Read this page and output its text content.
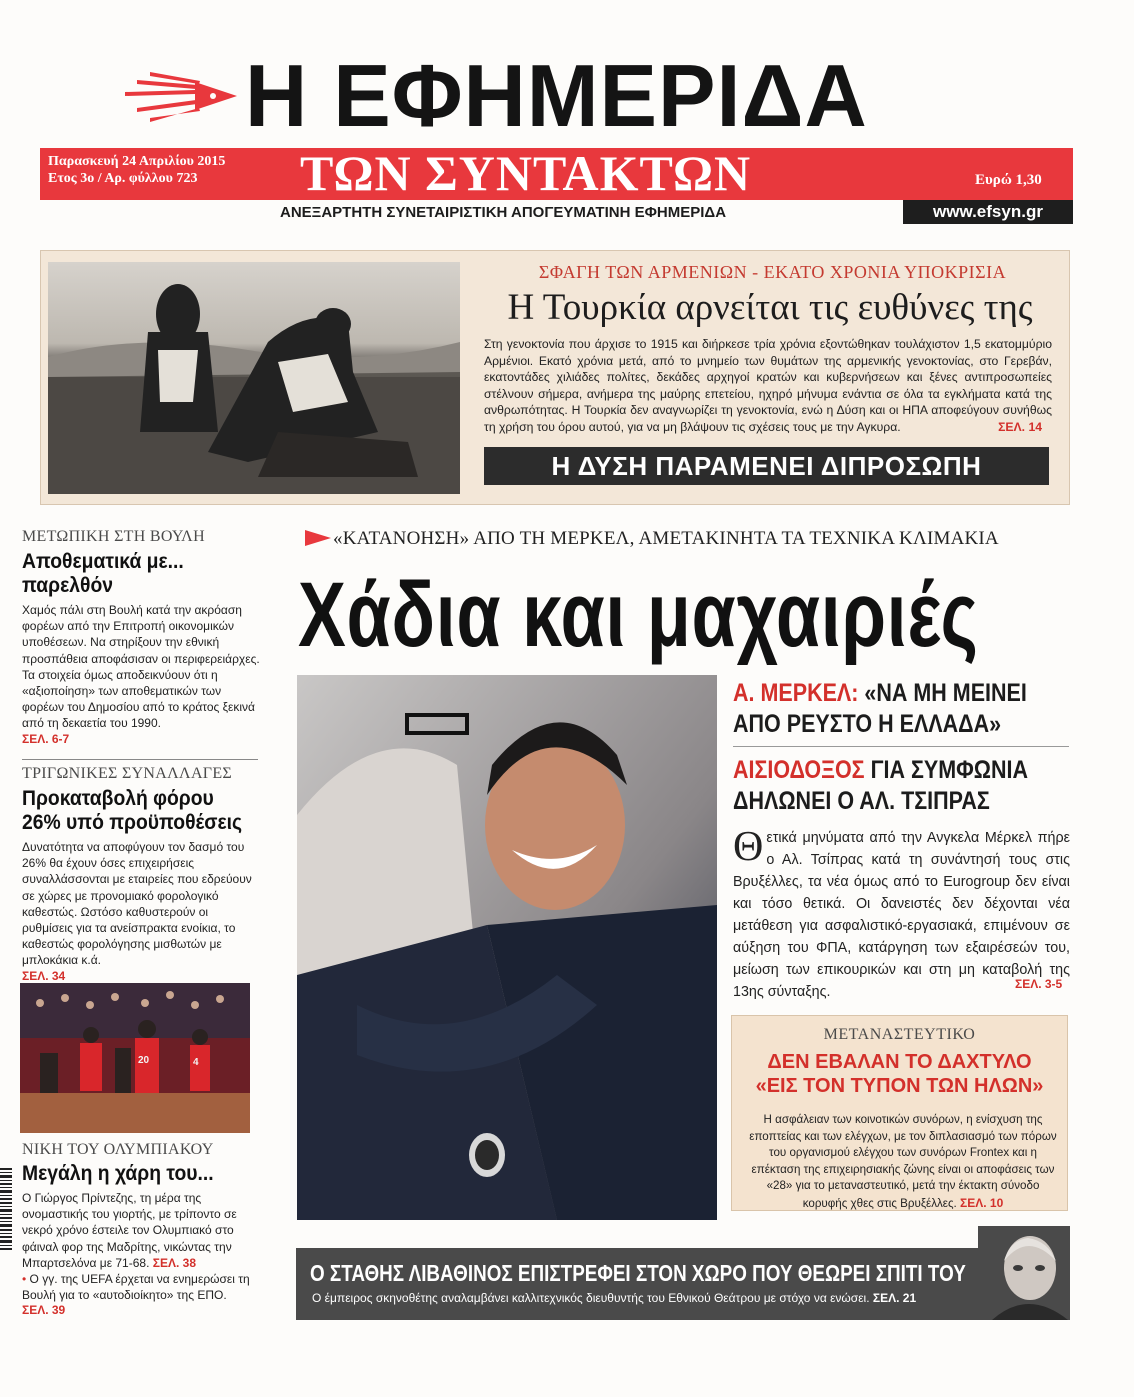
Η ΕΦΗΜΕΡΙΔΑ
Παρασκευή 24 Απριλίου 2015
Ετος 3ο / Αρ. φύλλου 723	ΤΩΝ ΣΥΝΤΑΚΤΩΝ	Ευρώ 1,30
ΑΝΕΞΑΡΤΗΤΗ ΣΥΝΕΤΑΙΡΙΣΤΙΚΗ ΑΠΟΓΕΥΜΑΤΙΝΗ ΕΦΗΜΕΡΙΔΑ	www.efsyn.gr
ΣΦΑΓΗ ΤΩΝ ΑΡΜΕΝΙΩΝ - ΕΚΑΤΟ ΧΡΟΝΙΑ ΥΠΟΚΡΙΣΙΑ
Η Τουρκία αρνείται τις ευθύνες της
Στη γενοκτονία που άρχισε το 1915 και διήρκεσε τρία χρόνια εξοντώθηκαν τουλάχιστον 1,5 εκατομμύριο Αρμένιοι. Εκατό χρόνια μετά, από το μνημείο των θυμάτων της αρμενικής γενοκτονίας, στο Γερεβάν, εκατοντάδες χιλιάδες πολίτες, δεκάδες αρχηγοί κρατών και κυβερνήσεων και ξένες αντιπροσωπείες στέλνουν σήμερα, ανήμερα της μαύρης επετείου, ηχηρό μήνυμα ενάντια σε όλα τα εγκλήματα κατά της ανθρωπότητας. Η Τουρκία δεν αναγνωρίζει τη γενοκτονία, ενώ η Δύση και οι ΗΠΑ αποφεύγουν συνήθως τη χρήση του όρου αυτού, για να μη βλάψουν τις σχέσεις τους με την Αγκυρα.	ΣΕΛ. 14
Η ΔΥΣΗ ΠΑΡΑΜΕΝΕΙ ΔΙΠΡΟΣΩΠΗ
ΜΕΤΩΠΙΚΗ ΣΤΗ ΒΟΥΛΗ
Αποθεματικά με...
παρελθόν
Χαμός πάλι στη Βουλή κατά την ακρόαση φορέων από την Επιτροπή οικονομικών υποθέσεων. Να στηρίξουν την εθνική προσπάθεια αποφάσισαν οι περιφερειάρχες. Τα στοιχεία όμως αποδεικνύουν ότι η «αξιοποίηση» των αποθεματικών των φορέων του Δημοσίου από το κράτος ξεκινά από τη δεκαετία του 1990.
ΣΕΛ. 6-7
ΤΡΙΓΩΝΙΚΕΣ ΣΥΝΑΛΛΑΓΕΣ
Προκαταβολή φόρου
26% υπό προϋποθέσεις
Δυνατότητα να αποφύγουν τον δασμό του 26% θα έχουν όσες επιχειρήσεις συναλλάσσονται με εταιρείες που εδρεύουν σε χώρες με προνομιακό φορολογικό καθεστώς. Ωστόσο καθυστερούν οι ρυθμίσεις για τα ανείσπρακτα ενοίκια, το καθεστώς φορολόγησης μισθωτών με μπλοκάκια κ.ά.
ΣΕΛ. 34
20	4
ΝΙΚΗ ΤΟΥ ΟΛΥΜΠΙΑΚΟΥ
Μεγάλη η χάρη του...
Ο Γιώργος Πρίντεζης, τη μέρα της ονομαστικής του γιορτής, με τρίποντο σε νεκρό χρόνο έστειλε τον Ολυμπιακό στο φάιναλ φορ της Μαδρίτης, νικώντας την Μπαρτσελόνα με 71-68. ΣΕΛ. 38
• Ο γγ. της UEFA έρχεται να ενημερώσει τη Βουλή για το «αυτοδιοίκητο» της ΕΠΟ.
ΣΕΛ. 39
«ΚΑΤΑΝΟΗΣΗ» ΑΠΟ ΤΗ ΜΕΡΚΕΛ, ΑΜΕΤΑΚΙΝΗΤΑ ΤΑ ΤΕΧΝΙΚΑ ΚΛΙΜΑΚΙΑ
Χάδια και μαχαιριές
Α. ΜΕΡΚΕΛ: «ΝΑ ΜΗ ΜΕΙΝΕΙ
ΑΠΟ ΡΕΥΣΤΟ Η ΕΛΛΑΔΑ»
ΑΙΣΙΟΔΟΞΟΣ ΓΙΑ ΣΥΜΦΩΝΙΑ
ΔΗΛΩΝΕΙ Ο ΑΛ. ΤΣΙΠΡΑΣ
Θετικά μηνύματα από την Ανγκελα Μέρκελ πήρε ο Αλ. Τσίπρας κατά τη συνάντησή τους στις Βρυξέλλες, τα νέα όμως από το Eurogroup δεν είναι και τόσο θετικά. Οι δανειστές δεν δέχονται νέα μετάθεση για ασφαλιστικό-εργασιακά, επιμένουν σε αύξηση του ΦΠΑ, κατάργηση των εξαιρέσεών του, μείωση των επικουρικών και στη μη καταβολή της 13ης σύνταξης.	ΣΕΛ. 3-5
ΜΕΤΑΝΑΣΤΕΥΤΙΚΟ
ΔΕΝ ΕΒΑΛΑΝ ΤΟ ΔΑΧΤΥΛΟ
«ΕΙΣ ΤΟΝ ΤΥΠΟΝ ΤΩΝ ΗΛΩΝ»
Η ασφάλειαν των κοινοτικών συνόρων, η ενίσχυση της εποπτείας και των ελέγχων, με τον διπλασιασμό των πόρων του οργανισμού ελέγχου των συνόρων Frontex και η επέκταση της επιχειρησιακής ζώνης είναι οι αποφάσεις των «28» για το μεταναστευτικό, μετά την έκτακτη σύνοδο κορυφής χθες στις Βρυξέλλες. ΣΕΛ. 10
Ο ΣΤΑΘΗΣ ΛΙΒΑΘΙΝΟΣ ΕΠΙΣΤΡΕΦΕΙ ΣΤΟΝ ΧΩΡΟ ΠΟΥ ΘΕΩΡΕΙ ΣΠΙΤΙ ΤΟΥ
Ο έμπειρος σκηνοθέτης αναλαμβάνει καλλιτεχνικός διευθυντής του Εθνικού Θεάτρου με στόχο να ενώσει. ΣΕΛ. 21
